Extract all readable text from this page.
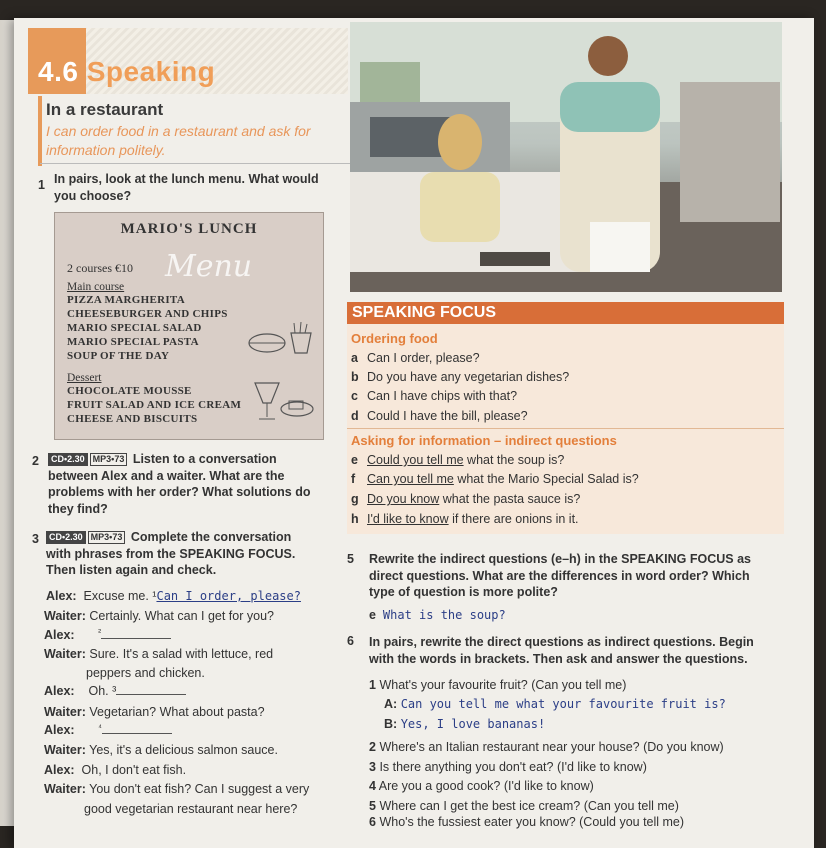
4.6 Speaking
In a restaurant
I can order food in a restaurant and ask for information politely.
1 In pairs, look at the lunch menu. What would you choose?
MARIO'S LUNCH
Menu
2 courses €10
Main course
PIZZA MARGHERITA
CHEESEBURGER AND CHIPS
MARIO SPECIAL SALAD
MARIO SPECIAL PASTA
SOUP OF THE DAY
Dessert
CHOCOLATE MOUSSE
FRUIT SALAD AND ICE CREAM
CHEESE AND BISCUITS
2	CD•2.30 MP3•73 Listen to a conversation
between Alex and a waiter. What are the
problems with her order? What solutions do
they find?
3	CD•2.30 MP3•73 Complete the conversation
with phrases from the SPEAKING FOCUS.
Then listen again and check.
Alex: Excuse me. ¹Can I order, please?
Waiter: Certainly. What can I get for you?
Alex:	$^{^2}$
Waiter: Sure. It's a salad with lettuce, red
peppers and chicken.
Alex: Oh. ³
Waiter: Vegetarian? What about pasta?
Alex:	$^{^4}$
Waiter: Yes, it's a delicious salmon sauce.
Alex: Oh, I don't eat fish.
Waiter: You don't eat fish? Can I suggest a very
good vegetarian restaurant near here?
SPEAKING FOCUS
Ordering food
a Can I order, please?
b Do you have any vegetarian dishes?
c Can I have chips with that?
d Could I have the bill, please?
Asking for information – indirect questions
e Could you tell me what the soup is?
f Can you tell me what the Mario Special Salad is?
g Do you know what the pasta sauce is?
h I'd like to know if there are onions in it.
5 Rewrite the indirect questions (e–h) in the SPEAKING FOCUS as
direct questions. What are the differences in word order? Which
type of question is more polite?
e What is the soup?
6 In pairs, rewrite the direct questions as indirect questions. Begin
with the words in brackets. Then ask and answer the questions.
1 What's your favourite fruit? (Can you tell me)
A: Can you tell me what your favourite fruit is?
B: Yes, I love bananas!
2 Where's an Italian restaurant near your house? (Do you know)
3 Is there anything you don't eat? (I'd like to know)
4 Are you a good cook? (I'd like to know)
5 Where can I get the best ice cream? (Can you tell me)
6 Who's the fussiest eater you know? (Could you tell me)
